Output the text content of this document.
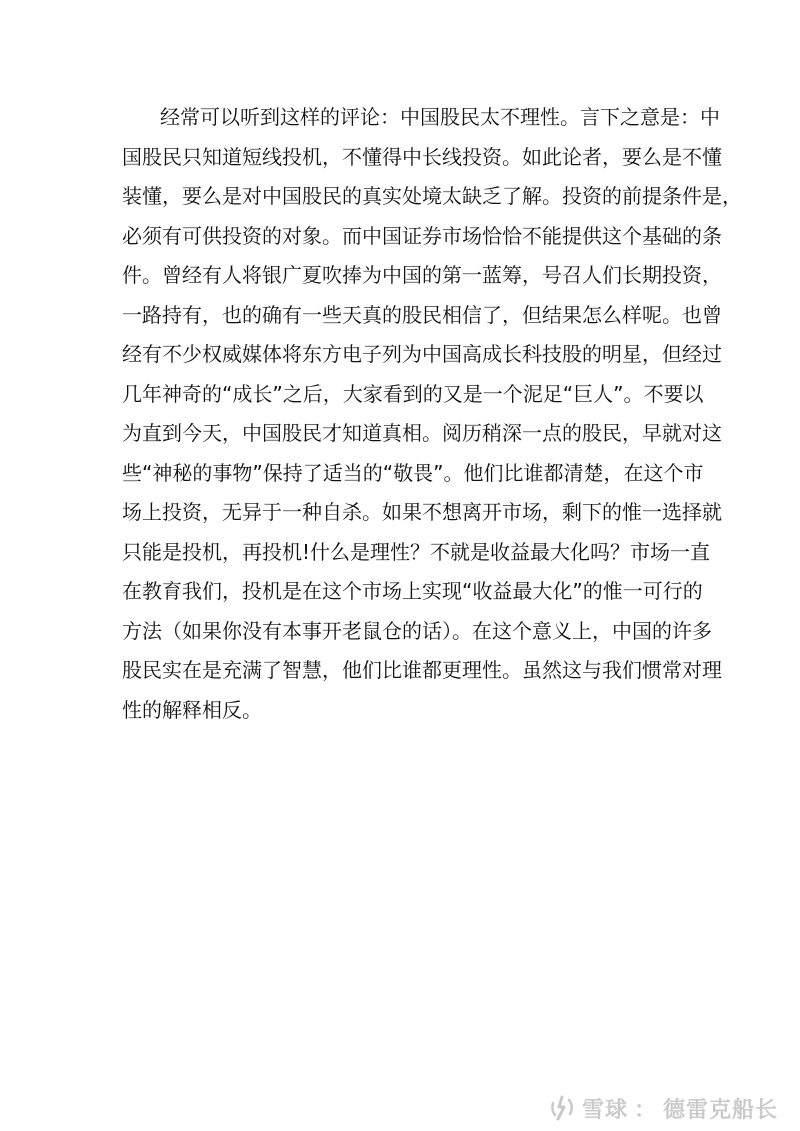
经常可以听到这样的评论：中国股民太不理性。言下之意是：中
国股民只知道短线投机，不懂得中长线投资。如此论者，要么是不懂
装懂，要么是对中国股民的真实处境太缺乏了解。投资的前提条件是，
必须有可供投资的对象。而中国证券市场恰恰不能提供这个基础的条
件。曾经有人将银广夏吹捧为中国的第一蓝筹，号召人们长期投资，
一路持有，也的确有一些天真的股民相信了，但结果怎么样呢。也曾
经有不少权威媒体将东方电子列为中国高成长科技股的明星，但经过
几年神奇的“成长”之后，大家看到的又是一个泥足“巨人”。不要以
为直到今天，中国股民才知道真相。阅历稍深一点的股民，早就对这
些“神秘的事物”保持了适当的“敬畏”。他们比谁都清楚，在这个市
场上投资，无异于一种自杀。如果不想离开市场，剩下的惟一选择就
只能是投机，再投机!什么是理性？不就是收益最大化吗？市场一直
在教育我们，投机是在这个市场上实现“收益最大化”的惟一可行的
方法（如果你没有本事开老鼠仓的话）。在这个意义上，中国的许多
股民实在是充满了智慧，他们比谁都更理性。虽然这与我们惯常对理
性的解释相反。
雪球 ： 德雷克船长
